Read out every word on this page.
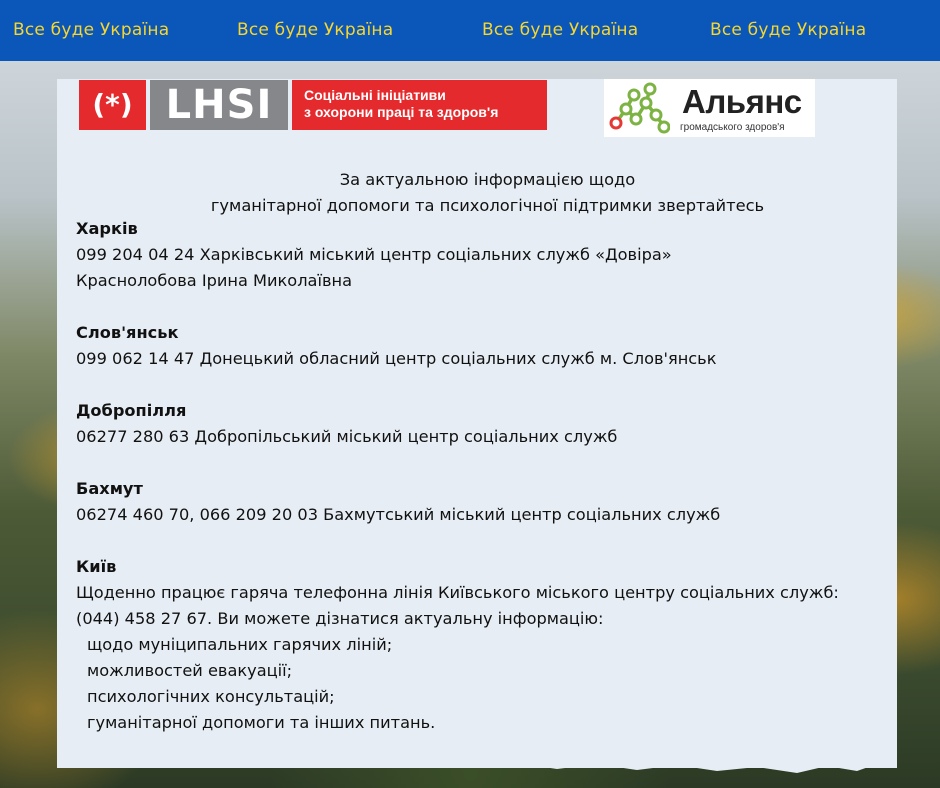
Все буде Україна	Все буде Україна	Все буде Україна	Все буде Україна
(*) LHSI	Соціальні ініціативи
з охорони праці та здоров'я	Альянс
громадського здоров'я
За актуальною інформацією щодо
гуманітарної допомоги та психологічної підтримки звертайтесь
Харків
099 204 04 24 Харківський міський центр соціальних служб «Довіра»
Краснолобова Ірина Миколаївна
Слов'янськ
099 062 14 47 Донецький обласний центр соціальних служб м. Слов'янськ
Добропілля
06277 280 63 Добропільський міський центр соціальних служб
Бахмут
06274 460 70, 066 209 20 03 Бахмутський міський центр соціальних служб
Київ
Щоденно працює гаряча телефонна лінія Київського міського центру соціальних служб:
(044) 458 27 67. Ви можете дізнатися актуальну інформацію:
щодо муніципальних гарячих ліній;
можливостей евакуації;
психологічних консультацій;
гуманітарної допомоги та інших питань.
